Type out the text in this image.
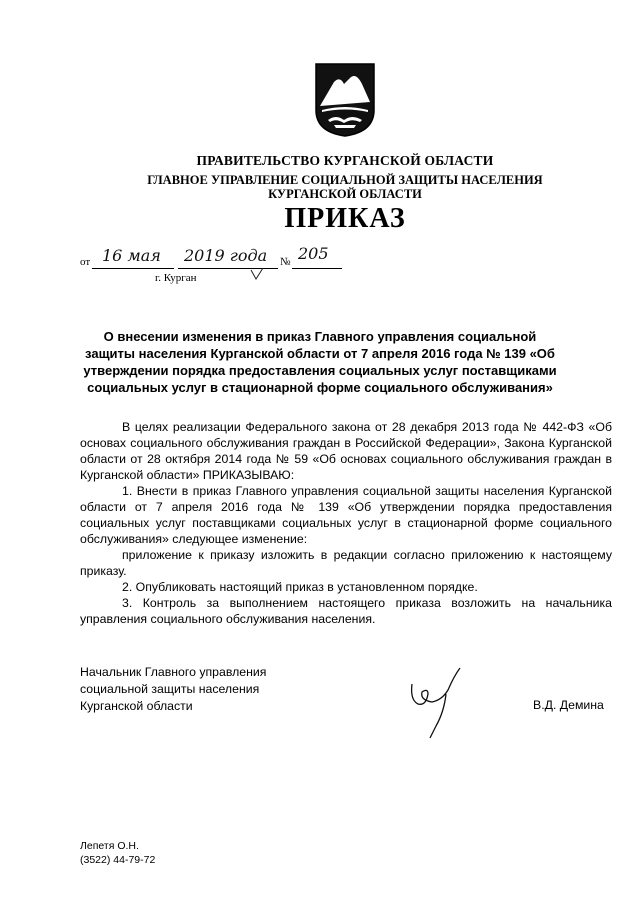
ПРАВИТЕЛЬСТВО КУРГАНСКОЙ ОБЛАСТИ
ГЛАВНОЕ УПРАВЛЕНИЕ СОЦИАЛЬНОЙ ЗАЩИТЫ НАСЕЛЕНИЯ
КУРГАНСКОЙ ОБЛАСТИ
ПРИКАЗ
от 16 мая 2019 года № 205
г. Курган
О внесении изменения в приказ Главного управления социальной защиты населения Курганской области от 7 апреля 2016 года № 139 «Об утверждении порядка предоставления социальных услуг поставщиками социальных услуг в стационарной форме социального обслуживания»

В целях реализации Федерального закона от 28 декабря 2013 года № 442-ФЗ «Об основах социального обслуживания граждан в Российской Федерации», Закона Курганской области от 28 октября 2014 года № 59 «Об основах социального обслуживания граждан в Курганской области» ПРИКАЗЫВАЮ:

1. Внести в приказ Главного управления социальной защиты населения Курганской области от 7 апреля 2016 года № 139 «Об утверждении порядка предоставления социальных услуг поставщиками социальных услуг в стационарной форме социального обслуживания» следующее изменение:

приложение к приказу изложить в редакции согласно приложению к настоящему приказу.

2. Опубликовать настоящий приказ в установленном порядке.

3. Контроль за выполнением настоящего приказа возложить на начальника управления социального обслуживания населения.

Начальник Главного управления
социальной защиты населения
Курганской области	В.Д. Демина
Лепетя О.Н.
(3522) 44-79-72
